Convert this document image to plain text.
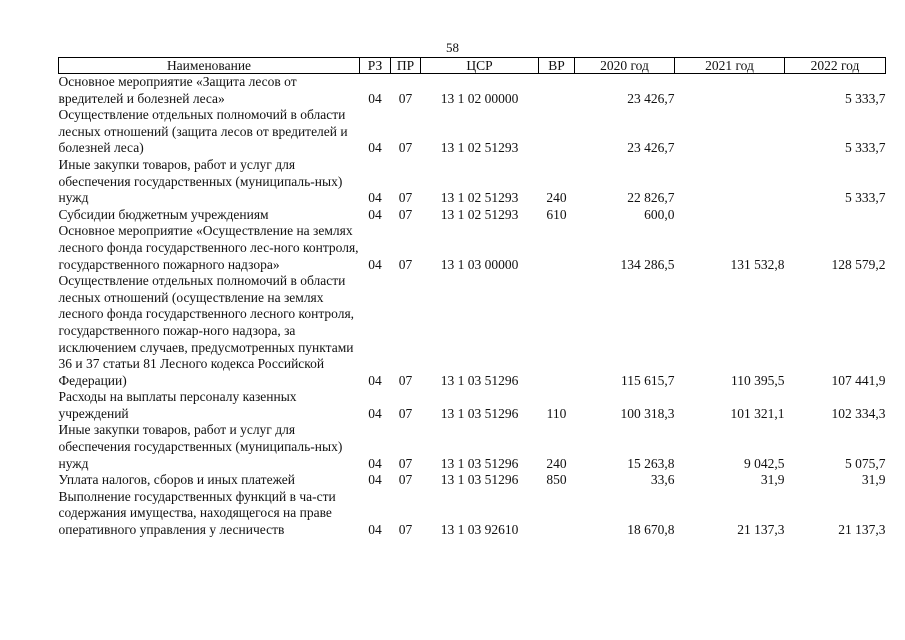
58
Наименование	РЗ	ПР	ЦСР	ВР	2020 год	2021 год	2022 год
Основное мероприятие «Защита лесов от вредителей и болезней леса»	04	07	13 1 02 00000		23 426,7		5 333,7
Осуществление отдельных полномочий в области лесных отношений (защита лесов от вредителей и болезней леса)	04	07	13 1 02 51293		23 426,7		5 333,7
Иные закупки товаров, работ и услуг для обеспечения государственных (муниципаль-ных) нужд	04	07	13 1 02 51293	240	22 826,7		5 333,7
Субсидии бюджетным учреждениям	04	07	13 1 02 51293	610	600,0		
Основное мероприятие «Осуществление на землях лесного фонда государственного лес-ного контроля, государственного пожарного надзора»	04	07	13 1 03 00000		134 286,5	131 532,8	128 579,2
Осуществление отдельных полномочий в области лесных отношений (осуществление на землях лесного фонда государственного лесного контроля, государственного пожар-ного надзора, за исключением случаев, предусмотренных пунктами 36 и 37 статьи 81 Лесного кодекса Российской Федерации)	04	07	13 1 03 51296		115 615,7	110 395,5	107 441,9
Расходы на выплаты персоналу казенных учреждений	04	07	13 1 03 51296	110	100 318,3	101 321,1	102 334,3
Иные закупки товаров, работ и услуг для обеспечения государственных (муниципаль-ных) нужд	04	07	13 1 03 51296	240	15 263,8	9 042,5	5 075,7
Уплата налогов, сборов и иных платежей	04	07	13 1 03 51296	850	33,6	31,9	31,9
Выполнение государственных функций в ча-сти содержания имущества, находящегося на праве оперативного управления у лесничеств	04	07	13 1 03 92610		18 670,8	21 137,3	21 137,3
